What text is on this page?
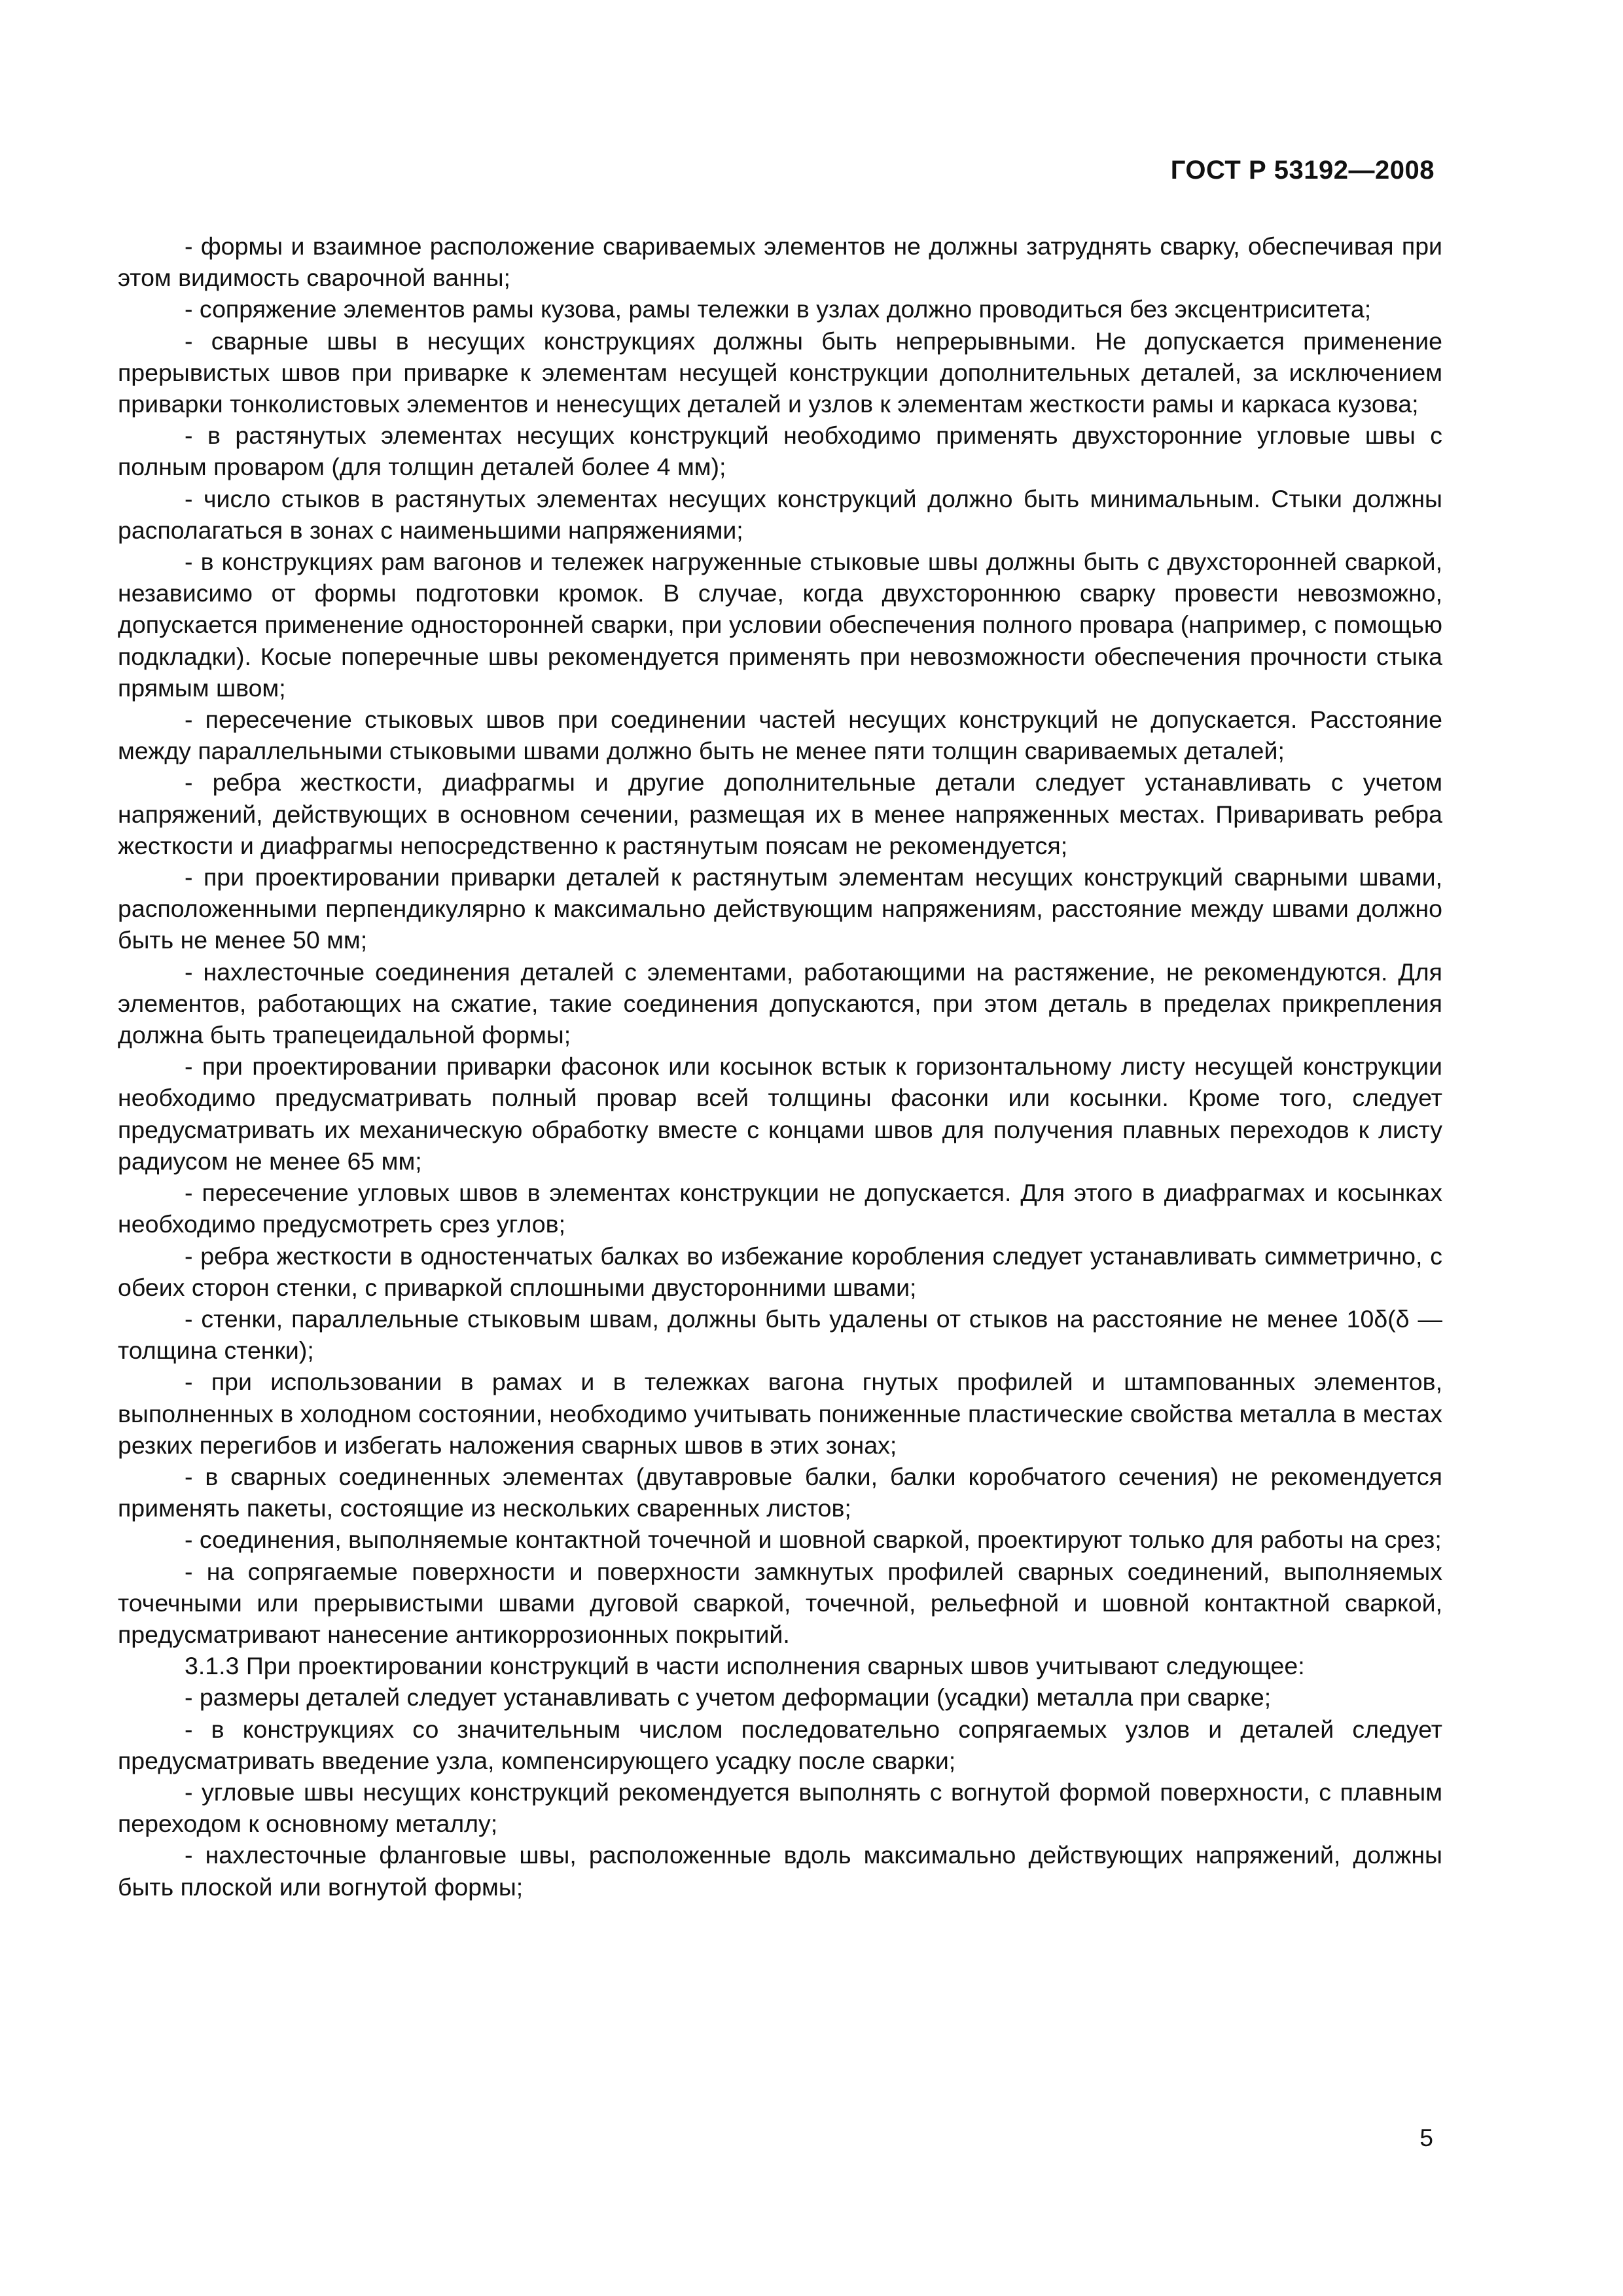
ГОСТ Р 53192—2008

- формы и взаимное расположение свариваемых элементов не должны затруднять сварку, обеспечивая при этом видимость сварочной ванны;

- сопряжение элементов рамы кузова, рамы тележки в узлах должно проводиться без эксцентриситета;

- сварные швы в несущих конструкциях должны быть непрерывными. Не допускается применение прерывистых швов при приварке к элементам несущей конструкции дополнительных деталей, за исключением приварки тонколистовых элементов и ненесущих деталей и узлов к элементам жесткости рамы и каркаса кузова;

- в растянутых элементах несущих конструкций необходимо применять двухсторонние угловые швы с полным проваром (для толщин деталей более 4 мм);

- число стыков в растянутых элементах несущих конструкций должно быть минимальным. Стыки должны располагаться в зонах с наименьшими напряжениями;

- в конструкциях рам вагонов и тележек нагруженные стыковые швы должны быть с двухсторонней сваркой, независимо от формы подготовки кромок. В случае, когда двухстороннюю сварку провести невозможно, допускается применение односторонней сварки, при условии обеспечения полного провара (например, с помощью подкладки). Косые поперечные швы рекомендуется применять при невозможности обеспечения прочности стыка прямым швом;

- пересечение стыковых швов при соединении частей несущих конструкций не допускается. Расстояние между параллельными стыковыми швами должно быть не менее пяти толщин свариваемых деталей;

- ребра жесткости, диафрагмы и другие дополнительные детали следует устанавливать с учетом напряжений, действующих в основном сечении, размещая их в менее напряженных местах. Приваривать ребра жесткости и диафрагмы непосредственно к растянутым поясам не рекомендуется;

- при проектировании приварки деталей к растянутым элементам несущих конструкций сварными швами, расположенными перпендикулярно к максимально действующим напряжениям, расстояние между швами должно быть не менее 50 мм;

- нахлесточные соединения деталей с элементами, работающими на растяжение, не рекомендуются. Для элементов, работающих на сжатие, такие соединения допускаются, при этом деталь в пределах прикрепления должна быть трапецеидальной формы;

- при проектировании приварки фасонок или косынок встык к горизонтальному листу несущей конструкции необходимо предусматривать полный провар всей толщины фасонки или косынки. Кроме того, следует предусматривать их механическую обработку вместе с концами швов для получения плавных переходов к листу радиусом не менее 65 мм;

- пересечение угловых швов в элементах конструкции не допускается. Для этого в диафрагмах и косынках необходимо предусмотреть срез углов;

- ребра жесткости в одностенчатых балках во избежание коробления следует устанавливать симметрично, с обеих сторон стенки, с приваркой сплошными двусторонними швами;

- стенки, параллельные стыковым швам, должны быть удалены от стыков на расстояние не менее 10δ(δ — толщина стенки);

- при использовании в рамах и в тележках вагона гнутых профилей и штампованных элементов, выполненных в холодном состоянии, необходимо учитывать пониженные пластические свойства металла в местах резких перегибов и избегать наложения сварных швов в этих зонах;

- в сварных соединенных элементах (двутавровые балки, балки коробчатого сечения) не рекомендуется применять пакеты, состоящие из нескольких сваренных листов;

- соединения, выполняемые контактной точечной и шовной сваркой, проектируют только для работы на срез;

- на сопрягаемые поверхности и поверхности замкнутых профилей сварных соединений, выполняемых точечными или прерывистыми швами дуговой сваркой, точечной, рельефной и шовной контактной сваркой, предусматривают нанесение антикоррозионных покрытий.

3.1.3 При проектировании конструкций в части исполнения сварных швов учитывают следующее:

- размеры деталей следует устанавливать с учетом деформации (усадки) металла при сварке;

- в конструкциях со значительным числом последовательно сопрягаемых узлов и деталей следует предусматривать введение узла, компенсирующего усадку после сварки;

- угловые швы несущих конструкций рекомендуется выполнять с вогнутой формой поверхности, с плавным переходом к основному металлу;

- нахлесточные фланговые швы, расположенные вдоль максимально действующих напряжений, должны быть плоской или вогнутой формы;

5
